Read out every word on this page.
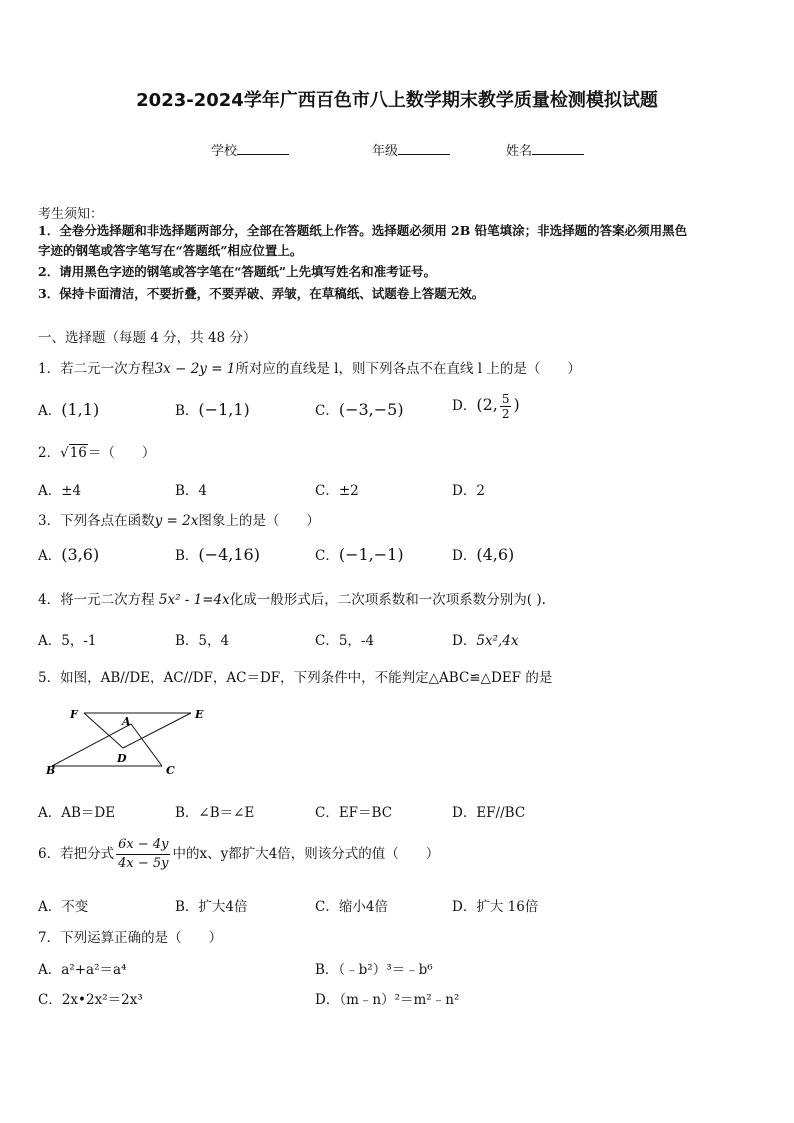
2023-2024学年广西百色市八上数学期末教学质量检测模拟试题
学校	年级	姓名
考生须知：
1．全卷分选择题和非选择题两部分，全部在答题纸上作答。选择题必须用 2B 铅笔填涂；非选择题的答案必须用黑色
字迹的钢笔或答字笔写在“答题纸”相应位置上。
2．请用黑色字迹的钢笔或答字笔在“答题纸”上先填写姓名和准考证号。
3．保持卡面清洁，不要折叠，不要弄破、弄皱，在草稿纸、试题卷上答题无效。
一、选择题（每题 4 分，共 48 分）
1．若二元一次方程3x − 2y = 1所对应的直线是 l，则下列各点不在直线 l 上的是（　　）
A．(1,1)	B．(−1,1)	C．(−3,−5)	D．(2, $\frac{5}{2}$ )
2．√16＝（　　）
A．±4	B．4	C．±2	D．2
3．下列各点在函数y = 2x图象上的是（　　）
A．(3,6)	B．(−4,16)	C．(−1,−1)	D．(4,6)
4．将一元二次方程 5x² - 1=4x化成一般形式后，二次项系数和一次项系数分别为( ).
A．5，-1	B．5，4	C．5，-4	D．5x²,4x
5．如图，AB//DE，AC//DF，AC＝DF，下列条件中，不能判定△ABC≌△DEF 的是
F	E
A
D
B	C
A．AB＝DE	B．∠B＝∠E	C．EF＝BC	D．EF//BC
6．若把分式 $\frac{6x - 4y}{4x - 5y}$ 中的x、y都扩大4倍，则该分式的值（　　）
A．不变	B．扩大4倍	C．缩小4倍	D．扩大 16倍
7．下列运算正确的是（　　）
A．a²+a²＝a⁴	B．（﹣b²）³＝﹣b⁶
C．2x•2x²＝2x³	D．（m﹣n）²＝m²﹣n²
